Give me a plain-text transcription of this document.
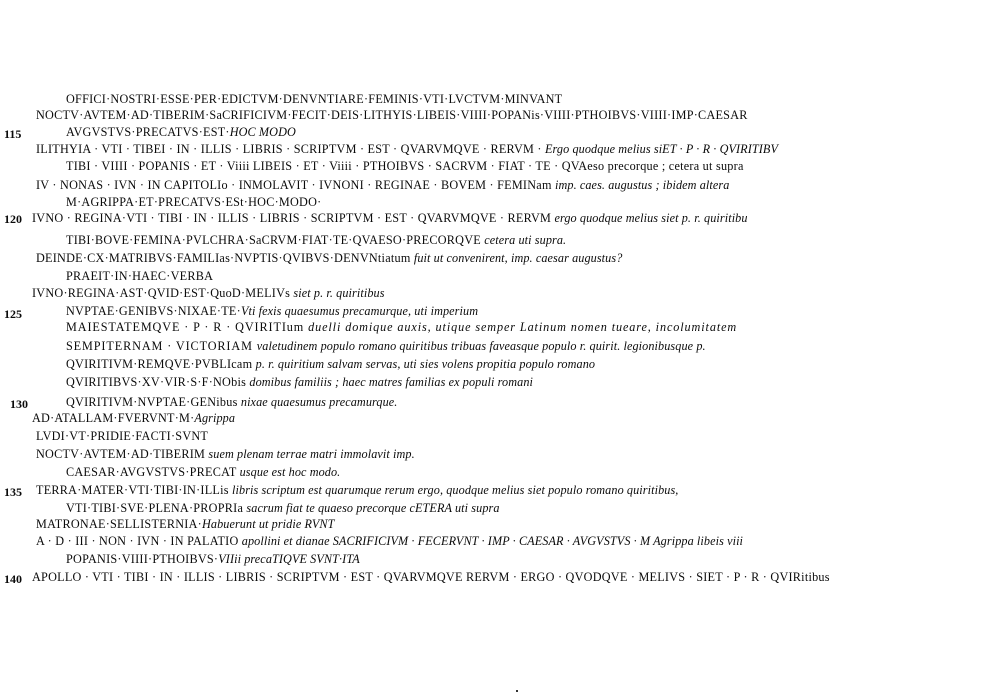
OFFICI·NOSTRI·ESSE·PER·EDICTVM·DENVNTIARE·FEMINIS·VTI·LVCTVM·MINVANT
NOCTV·AVTEM·AD·TIBERIM·SaCRIFICIVM·FECIT·DEIS·LITHYIS·LIBEIS·VIIII·POPANis·VIIII·PTHOIBVS·VIIII·IMP·CAESAR
115	AVGVSTVS·PRECATVS·EST·HOC MODO
ILITHYIA · VTI · TIBEI · IN · ILLIS · LIBRIS · SCRIPTVM · EST · QVARVMQVE · RERVM · Ergo quodque melius siET · P · R · QVIRITIBV
TIBI · VIIII · POPANIS · ET · Viiii LIBEIS · ET · Viiii · PTHOIBVS · SACRVM · FIAT · TE · QVAeso precorque ; cetera ut supra
IV · NONAS · IVN · IN CAPITOLIo · INMOLAVIT · IVNONI · REGINAE · BOVEM · FEMINam imp. caes. augustus ; ibidem altera
M·AGRIPPA·ET·PRECATVS·ESt·HOC·MODO·
120 IVNO · REGINA·VTI · TIBI · IN · ILLIS · LIBRIS · SCRIPTVM · EST · QVARVMQVE · RERVM ergo quodque melius siet p. r. quiritibu
TIBI·BOVE·FEMINA·PVLCHRA·SaCRVM·FIAT·TE·QVAESO·PRECORQVE cetera uti supra.
DEINDE·CX·MATRIBVS·FAMILIas·NVPTIS·QVIBVS·DENVNtiatum fuit ut convenirent, imp. caesar augustus?
PRAEIT·IN·HAEC·VERBA
IVNO·REGINA·AST·QVID·EST·QuoD·MELIVs siet p. r. quiritibus
125	NVPTAE·GENIBVS·NIXAE·TE·Vti fexis quaesumus precamurque, uti imperium
MAIESTATEMQVE · P · R · QVIRITIum duelli domique auxis, utique semper Latinum nomen tueare, incolumitatem
SEMPITERNAM · VICTORIAM valetudinem populo romano quiritibus tribuas faveasque populo r. quirit. legionibusque p.
QVIRITIVM·REMQVE·PVBLIcam p. r. quiritium salvam servas, uti sies volens propitia populo romano
QVIRITIBVS·XV·VIR·S·F·NObis domibus familiis ; haec matres familias ex populi romani
130	QVIRITIVM·NVPTAE·GENibus nixae quaesumus precamurque.
AD·ATALLAM·FVERVNT·M·Agrippa
LVDI·VT·PRIDIE·FACTI·SVNT
NOCTV·AVTEM·AD·TIBERIM suem plenam terrae matri immolavit imp.
CAESAR·AVGVSTVS·PRECAT usque est hoc modo.
135	TERRA·MATER·VTI·TIBI·IN·ILLis libris scriptum est quarumque rerum ergo, quodque melius siet populo romano quiritibus,
VTI·TIBI·SVE·PLENA·PROPRIa sacrum fiat te quaeso precorque cETERA uti supra
MATRONAE·SELLISTERNIA·Habuerunt ut pridie RVNT
A · D · III · NON · IVN · IN PALATIO apollini et dianae SACRIFICIVM · FECERVNT · IMP · CAESAR · AVGVSTVS · M Agrippa libeis viii
POPANIS·VIIII·PTHOIBVS·VIIii precaTIQVE SVNT·ITA
140 APOLLO · VTI · TIBI · IN · ILLIS · LIBRIS · SCRIPTVM · EST · QVARVMQVE RERVM · ERGO · QVODQVE · MELIVS · SIET · P · R · QVIRitibus
